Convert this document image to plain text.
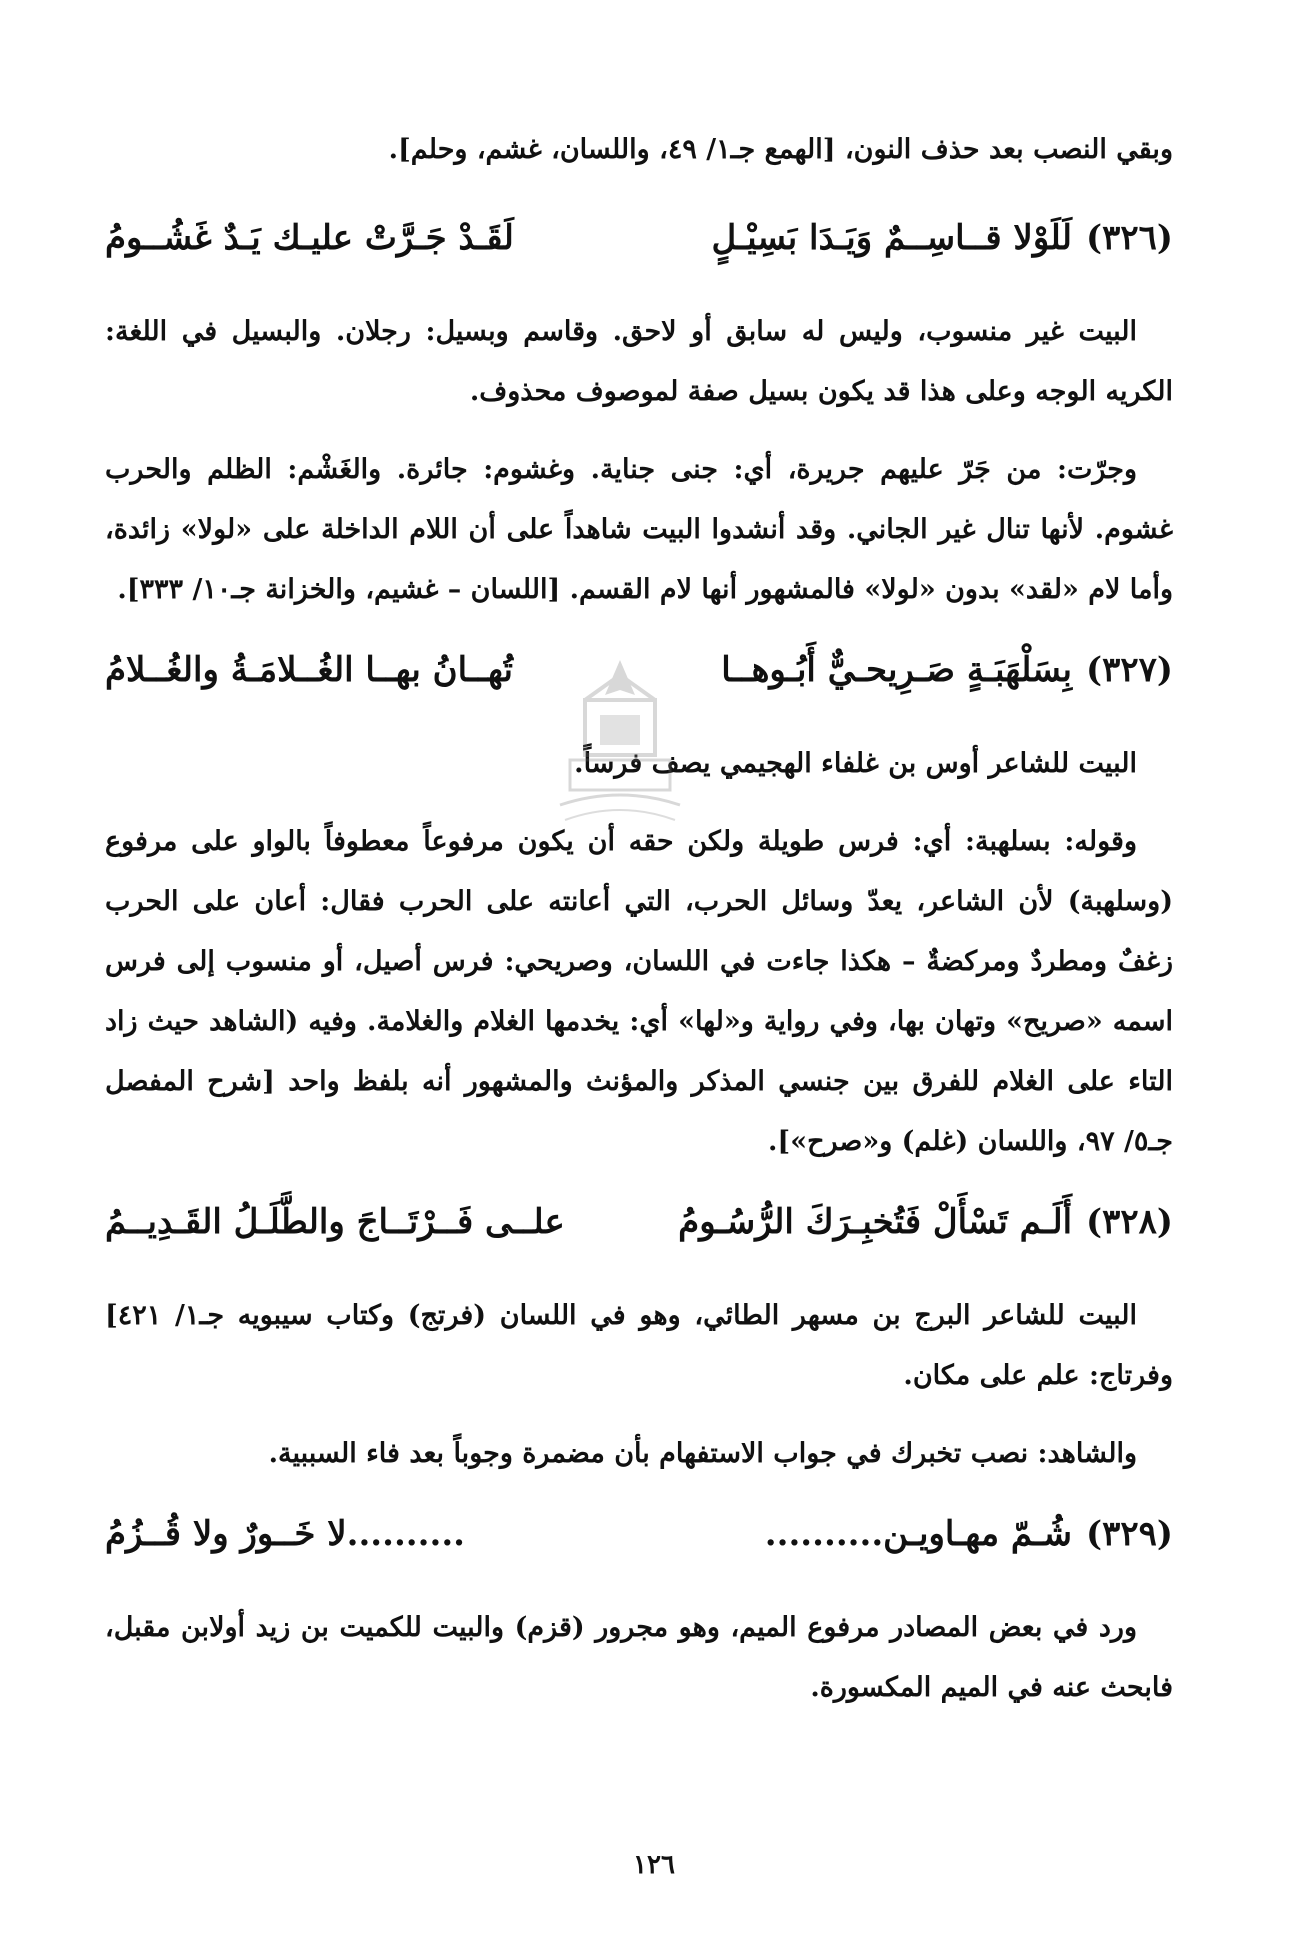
وبقي النصب بعد حذف النون، [الهمع جـ١/ ٤٩، واللسان، غشم، وحلم].

(٣٢٦)
لَلَوْلا قــاسِــمٌ وَيَـدَا بَسِيْـلٍ
لَقَـدْ جَـرَّتْ عليـك يَـدٌ غَشُــومُ

البيت غير منسوب، وليس له سابق أو لاحق. وقاسم وبسيل: رجلان. والبسيل في اللغة: الكريه الوجه وعلى هذا قد يكون بسيل صفة لموصوف محذوف.

وجرّت: من جَرّ عليهم جريرة، أي: جنى جناية. وغشوم: جائرة. والغَشْم: الظلم والحرب غشوم. لأنها تنال غير الجاني. وقد أنشدوا البيت شاهداً على أن اللام الداخلة على «لولا» زائدة، وأما لام «لقد» بدون «لولا» فالمشهور أنها لام القسم. [اللسان – غشيم، والخزانة جـ١٠/ ٣٣٣].

(٣٢٧)
بِسَلْهَبَـةٍ صَـرِيحـيٌّ أَبُـوهــا
تُهــانُ بهــا الغُــلامَـةُ والغُــلامُ

البيت للشاعر أوس بن غلفاء الهجيمي يصف فرساً.

وقوله: بسلهبة: أي: فرس طويلة ولكن حقه أن يكون مرفوعاً معطوفاً بالواو على مرفوع (وسلهبة) لأن الشاعر، يعدّ وسائل الحرب، التي أعانته على الحرب فقال: أعان على الحرب زغفٌ ومطردٌ ومركضةٌ – هكذا جاءت في اللسان، وصريحي: فرس أصيل، أو منسوب إلى فرس اسمه «صريح» وتهان بها، وفي رواية و«لها» أي: يخدمها الغلام والغلامة. وفيه (الشاهد حيث زاد التاء على الغلام للفرق بين جنسي المذكر والمؤنث والمشهور أنه بلفظ واحد [شرح المفصل جـ٥/ ٩٧، واللسان (غلم) و«صرح»].

(٣٢٨)
أَلَـم تَسْأَلْ فَتُخبِـرَكَ الرُّسُـومُ
علــى فَــرْتَــاجَ والطَّلَـلُ القَـدِيــمُ

البيت للشاعر البرج بن مسهر الطائي، وهو في اللسان (فرتج) وكتاب سيبويه جـ١/ ٤٢١] وفرتاج: علم على مكان.

والشاهد: نصب تخبرك في جواب الاستفهام بأن مضمرة وجوباً بعد فاء السببية.

(٣٢٩)
شُـمّ مهـاويـن..........
..........لا خَــورٌ ولا قُــزُمُ

ورد في بعض المصادر مرفوع الميم، وهو مجرور (قزم) والبيت للكميت بن زيد أولابن مقبل، فابحث عنه في الميم المكسورة.

١٢٦
